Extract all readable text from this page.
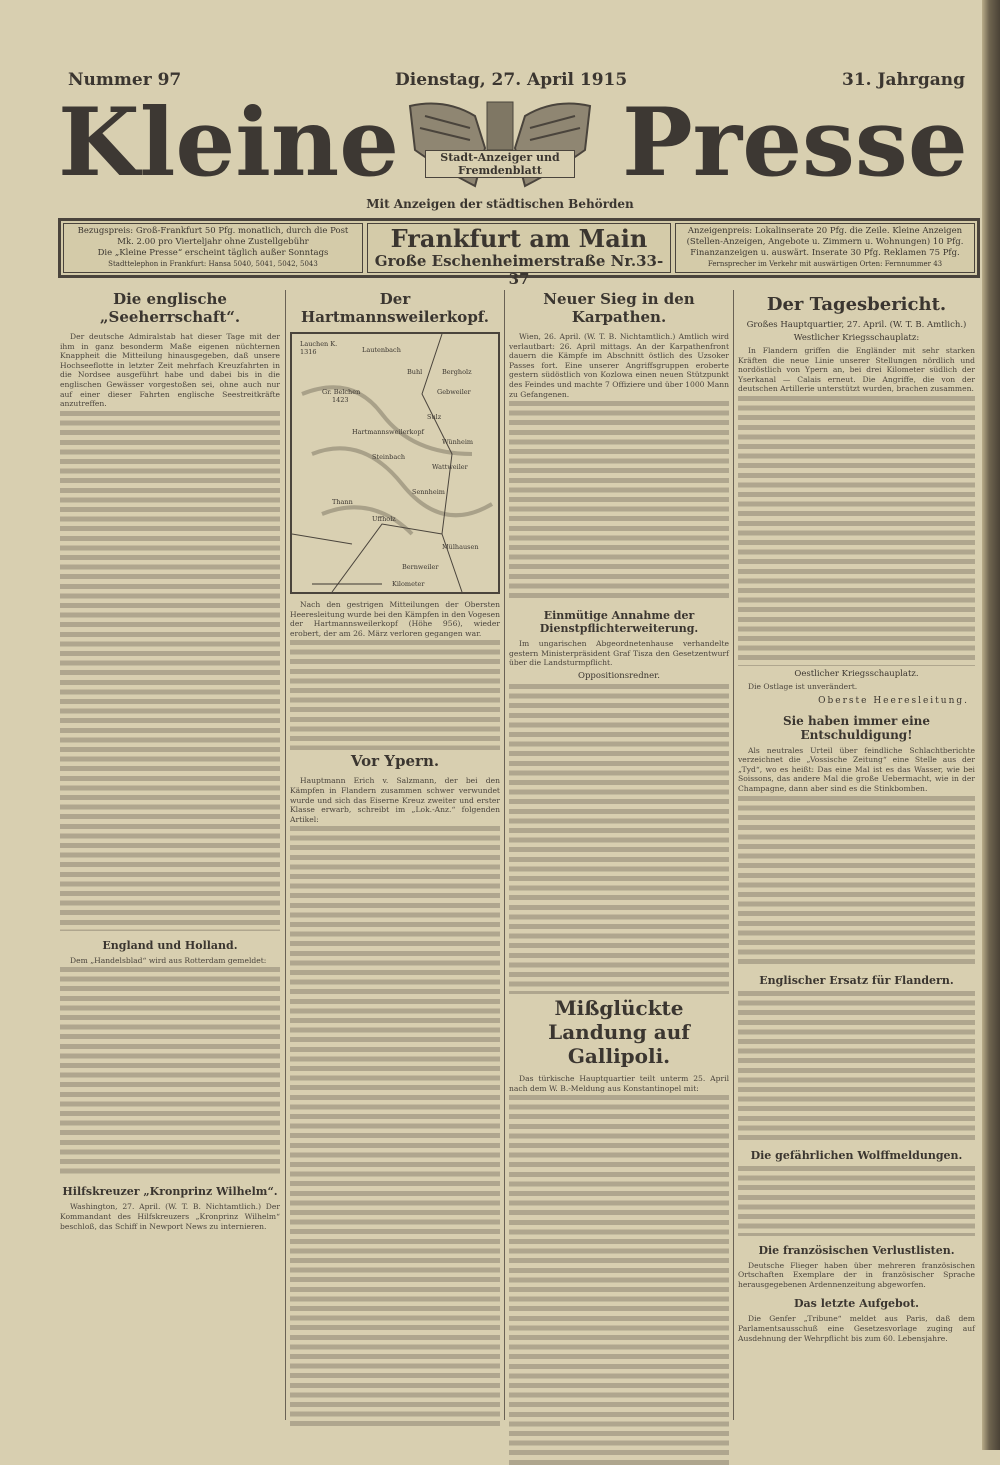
Nummer 97	Dienstag, 27. April 1915	31. Jahrgang
Kleine Presse
Stadt-Anzeiger und Fremdenblatt
Mit Anzeigen der städtischen Behörden
Bezugspreis: Groß-Frankfurt 50 Pfg. monatlich, durch die Post
Mk. 2.00 pro Vierteljahr ohne Zustellgebühr
Die „Kleine Presse“ erscheint täglich außer Sonntags
Stadttelephon in Frankfurt: Hansa 5040, 5041, 5042, 5043
Frankfurt am Main
Große Eschenheimerstraße Nr.33-37
Anzeigenpreis: Lokalinserate 20 Pfg. die Zeile. Kleine Anzeigen
(Stellen-Anzeigen, Angebote u. Zimmern u. Wohnungen) 10 Pfg.
Finanzanzeigen u. auswärt. Inserate 30 Pfg. Reklamen 75 Pfg.
Fernsprecher im Verkehr mit auswärtigen Orten: Fernnummer 43
Die englische „Seeherrschaft“.

Der deutsche Admiralstab hat dieser Tage mit der ihm in ganz besonderm Maße eigenen nüchternen Knappheit die Mitteilung hinausgegeben, daß unsere Hochseeflotte in letzter Zeit mehrfach Kreuzfahrten in die Nordsee ausgeführt habe und dabei bis in die englischen Gewässer vorgestoßen sei, ohne auch nur auf einer dieser Fahrten englische Seestreitkräfte anzutreffen.

England und Holland.

Dem „Handelsblad“ wird aus Rotterdam gemeldet:

Hilfskreuzer „Kronprinz Wilhelm“.

Washington, 27. April. (W. T. B. Nichtamtlich.) Der Kommandant des Hilfskreuzers „Kronprinz Wilhelm“ beschloß, das Schiff in Newport News zu internieren.

Der Hartmannsweilerkopf.
Lauchen K.
1316	Lautenbach
Buhl	Bergholz
Gr. Belchen
1423
Gebweiler
Sulz
Wünheim
Hartmannsweilerkopf
Wattweiler
Sennheim
Steinbach
Thann
Uffholz
Mülhausen
Bernweiler
Kilometer

Nach den gestrigen Mitteilungen der Obersten Heeresleitung wurde bei den Kämpfen in den Vogesen der Hartmannsweilerkopf (Höhe 956), wieder erobert, der am 26. März verloren gegangen war.

Vor Ypern.

Hauptmann Erich v. Salzmann, der bei den Kämpfen in Flandern zusammen schwer verwundet wurde und sich das Eiserne Kreuz zweiter und erster Klasse erwarb, schreibt im „Lok.-Anz.“ folgenden Artikel:

Neuer Sieg in den Karpathen.

Wien, 26. April. (W. T. B. Nichtamtlich.) Amtlich wird verlautbart: 26. April mittags. An der Karpathenfront dauern die Kämpfe im Abschnitt östlich des Uzsoker Passes fort. Eine unserer Angriffsgruppen eroberte gestern südöstlich von Kozlowa einen neuen Stützpunkt des Feindes und machte 7 Offiziere und über 1000 Mann zu Gefangenen.

Einmütige Annahme der Dienstpflichterweiterung.

Im ungarischen Abgeordnetenhause verhandelte gestern Ministerpräsident Graf Tisza den Gesetzentwurf über die Landsturmpflicht.

Oppositionsredner.
Mißglückte Landung auf Gallipoli.

Das türkische Hauptquartier teilt unterm 25. April nach dem W. B.-Meldung aus Konstantinopel mit:

Der Tagesbericht.
Großes Hauptquartier, 27. April. (W. T. B. Amtlich.)
Westlicher Kriegsschauplatz:

In Flandern griffen die Engländer mit sehr starken Kräften die neue Linie unserer Stellungen nördlich und nordöstlich von Ypern an, bei drei Kilometer südlich der Yserkanal — Calais erneut. Die Angriffe, die von der deutschen Artillerie unterstützt wurden, brachen zusammen.

Oestlicher Kriegsschauplatz.

Die Ostlage ist unverändert.

Oberste Heeresleitung.
Sie haben immer eine Entschuldigung!

Als neutrales Urteil über feindliche Schlachtberichte verzeichnet die „Vossische Zeitung“ eine Stelle aus der „Tyd“, wo es heißt: Das eine Mal ist es das Wasser, wie bei Soissons, das andere Mal die große Uebermacht, wie in der Champagne, dann aber sind es die Stinkbomben.

Englischer Ersatz für Flandern.
Die gefährlichen Wolffmeldungen.
Die französischen Verlustlisten.

Deutsche Flieger haben über mehreren französischen Ortschaften Exemplare der in französischer Sprache herausgegebenen Ardennenzeitung abgeworfen.

Das letzte Aufgebot.

Die Genfer „Tribune“ meldet aus Paris, daß dem Parlamentsausschuß eine Gesetzesvorlage zuging auf Ausdehnung der Wehrpflicht bis zum 60. Lebensjahre.
